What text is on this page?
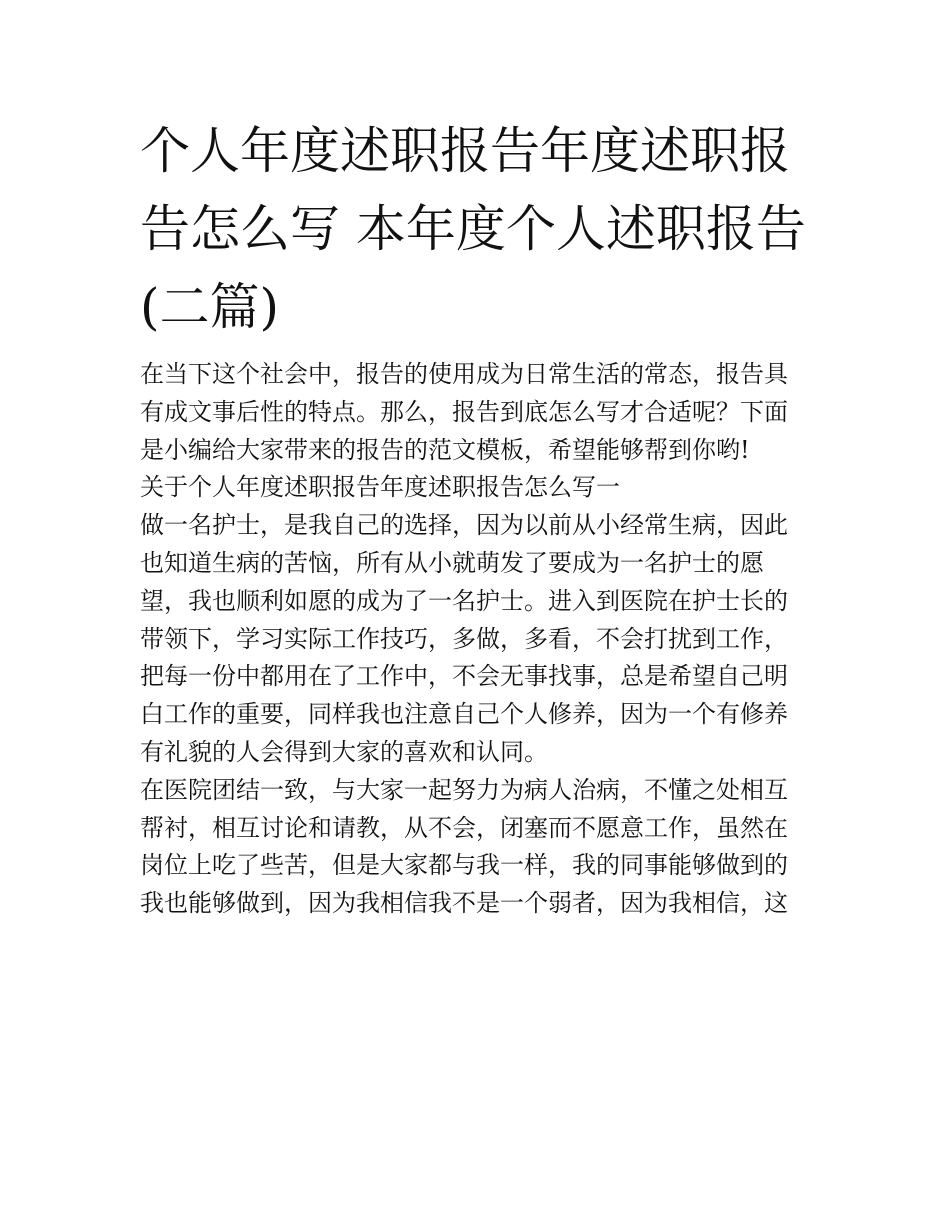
个人年度述职报告年度述职报
告怎么写 本年度个人述职报告
(二篇)
在当下这个社会中，报告的使用成为日常生活的常态，报告具
有成文事后性的特点。那么，报告到底怎么写才合适呢？下面
是小编给大家带来的报告的范文模板，希望能够帮到你哟!
关于个人年度述职报告年度述职报告怎么写一
做一名护士，是我自己的选择，因为以前从小经常生病，因此
也知道生病的苦恼，所有从小就萌发了要成为一名护士的愿
望，我也顺利如愿的成为了一名护士。进入到医院在护士长的
带领下，学习实际工作技巧，多做，多看，不会打扰到工作，
把每一份中都用在了工作中，不会无事找事，总是希望自己明
白工作的重要，同样我也注意自己个人修养，因为一个有修养
有礼貌的人会得到大家的喜欢和认同。
在医院团结一致，与大家一起努力为病人治病，不懂之处相互
帮衬，相互讨论和请教，从不会，闭塞而不愿意工作，虽然在
岗位上吃了些苦，但是大家都与我一样，我的同事能够做到的
我也能够做到，因为我相信我不是一个弱者，因为我相信，这
